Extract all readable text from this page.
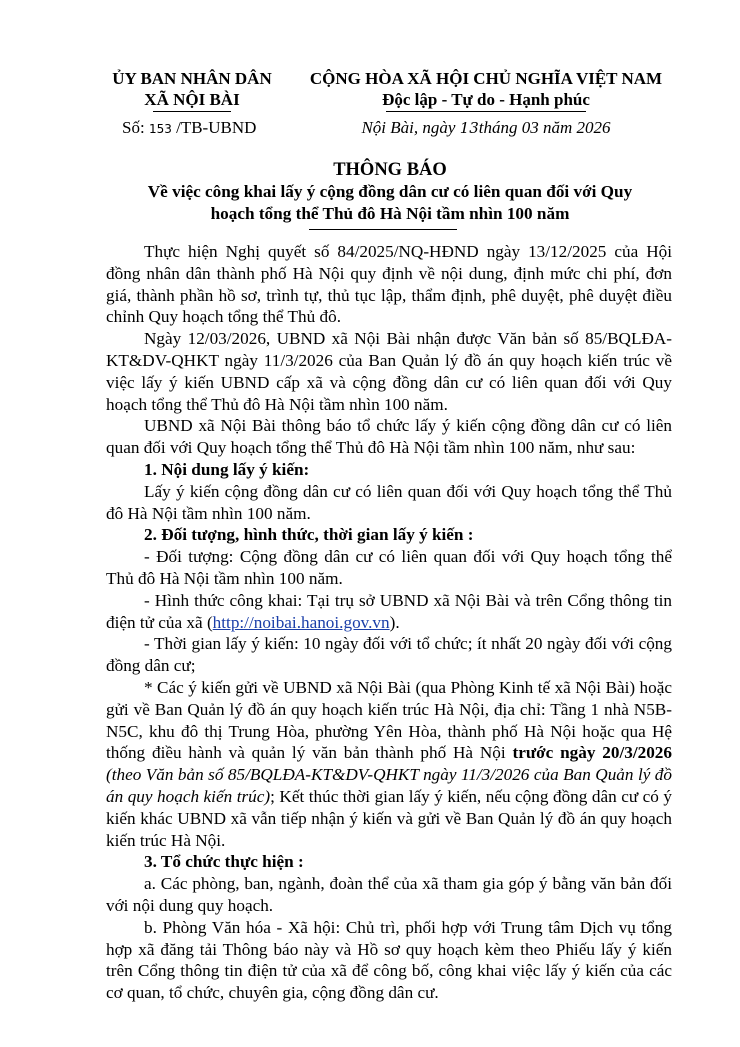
ỦY BAN NHÂN DÂN
XÃ NỘI BÀI
Số: 153 /TB-UBND
CỘNG HÒA XÃ HỘI CHỦ NGHĨA VIỆT NAM
Độc lập - Tự do - Hạnh phúc
Nội Bài, ngày 13tháng 03 năm 2026
THÔNG BÁO
Về việc công khai lấy ý cộng đồng dân cư có liên quan đối với Quy
hoạch tổng thể Thủ đô Hà Nội tầm nhìn 100 năm

Thực hiện Nghị quyết số 84/2025/NQ-HĐND ngày 13/12/2025 của Hội đồng nhân dân thành phố Hà Nội quy định về nội dung, định mức chi phí, đơn giá, thành phần hồ sơ, trình tự, thủ tục lập, thẩm định, phê duyệt, phê duyệt điều chỉnh Quy hoạch tổng thể Thủ đô.

Ngày 12/03/2026, UBND xã Nội Bài nhận được Văn bản số 85/BQLĐA-KT&DV-QHKT ngày 11/3/2026 của Ban Quản lý đồ án quy hoạch kiến trúc về việc lấy ý kiến UBND cấp xã và cộng đồng dân cư có liên quan đối với Quy hoạch tổng thể Thủ đô Hà Nội tầm nhìn 100 năm.

UBND xã Nội Bài thông báo tổ chức lấy ý kiến cộng đồng dân cư có liên quan đối với Quy hoạch tổng thể Thủ đô Hà Nội tầm nhìn 100 năm, như sau:

1. Nội dung lấy ý kiến:

Lấy ý kiến cộng đồng dân cư có liên quan đối với Quy hoạch tổng thể Thủ đô Hà Nội tầm nhìn 100 năm.

2. Đối tượng, hình thức, thời gian lấy ý kiến :

- Đối tượng: Cộng đồng dân cư có liên quan đối với Quy hoạch tổng thể Thủ đô Hà Nội tầm nhìn 100 năm.

- Hình thức công khai: Tại trụ sở UBND xã Nội Bài và trên Cổng thông tin điện tử của xã (http://noibai.hanoi.gov.vn).

- Thời gian lấy ý kiến: 10 ngày đối với tổ chức; ít nhất 20 ngày đối với cộng đồng dân cư;

* Các ý kiến gửi về UBND xã Nội Bài (qua Phòng Kinh tế xã Nội Bài) hoặc gửi về Ban Quản lý đồ án quy hoạch kiến trúc Hà Nội, địa chỉ: Tầng 1 nhà N5B-N5C, khu đô thị Trung Hòa, phường Yên Hòa, thành phố Hà Nội hoặc qua Hệ thống điều hành và quản lý văn bản thành phố Hà Nội trước ngày 20/3/2026 (theo Văn bản số 85/BQLĐA-KT&DV-QHKT ngày 11/3/2026 của Ban Quản lý đồ án quy hoạch kiến trúc); Kết thúc thời gian lấy ý kiến, nếu cộng đồng dân cư có ý kiến khác UBND xã vẫn tiếp nhận ý kiến và gửi về Ban Quản lý đồ án quy hoạch kiến trúc Hà Nội.

3. Tổ chức thực hiện :

a. Các phòng, ban, ngành, đoàn thể của xã tham gia góp ý bằng văn bản đối với nội dung quy hoạch.

b. Phòng Văn hóa - Xã hội: Chủ trì, phối hợp với Trung tâm Dịch vụ tổng hợp xã đăng tải Thông báo này và Hồ sơ quy hoạch kèm theo Phiếu lấy ý kiến trên Cổng thông tin điện tử của xã để công bố, công khai việc lấy ý kiến của các cơ quan, tổ chức, chuyên gia, cộng đồng dân cư.
